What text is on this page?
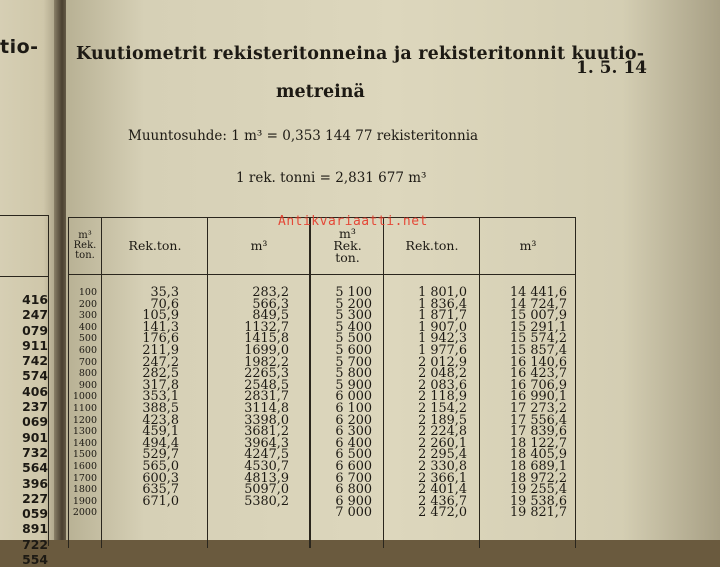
tio-
416
247
079
911
742
574
406
237
069
901
732
564
396
227
059
891
722
554
Kuutiometrit rekisteritonneina ja rekisteritonnit kuutio-
metreinä
1. 5. 14
Muuntosuhde: 1 m³ = 0,353 144 77 rekisteritonnia
1 rek. tonni = 2,831 677 m³
m³
Rek.
ton.
Rek.ton.	m³
m³
Rek.
ton.
Rek.ton.	m³
100
200
300
400
500
600
700
800
900
1000
1100
1200
1300
1400
1500
1600
1700
1800
1900
2000
35,3
70,6
105,9
141,3
176,6
211,9
247,2
282,5
317,8
353,1
388,5
423,8
459,1
494,4
529,7
565,0
600,3
635,7
671,0
283,2
566,3
849,5
1132,7
1415,8
1699,0
1982,2
2265,3
2548,5
2831,7
3114,8
3398,0
3681,2
3964,3
4247,5
4530,7
4813,9
5097,0
5380,2
5 100
5 200
5 300
5 400
5 500
5 600
5 700
5 800
5 900
6 000
6 100
6 200
6 300
6 400
6 500
6 600
6 700
6 800
6 900
7 000
1 801,0
1 836,4
1 871,7
1 907,0
1 942,3
1 977,6
2 012,9
2 048,2
2 083,6
2 118,9
2 154,2
2 189,5
2 224,8
2 260,1
2 295,4
2 330,8
2 366,1
2 401,4
2 436,7
2 472,0
14 441,6
14 724,7
15 007,9
15 291,1
15 574,2
15 857,4
16 140,6
16 423,7
16 706,9
16 990,1
17 273,2
17 556,4
17 839,6
18 122,7
18 405,9
18 689,1
18 972,2
19 255,4
19 538,6
19 821,7
Antikvariaatti.net
